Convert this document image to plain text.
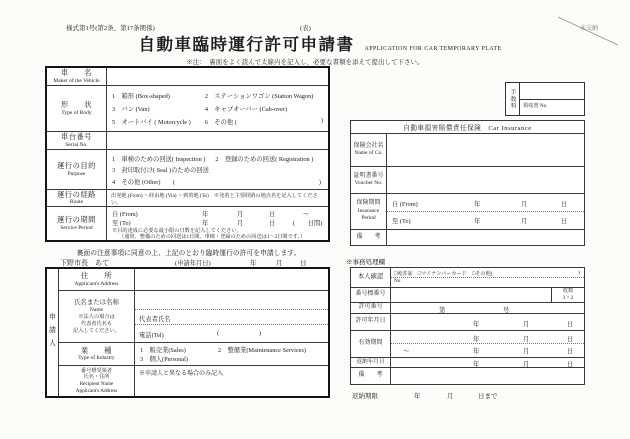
様式第1号(第2条、第17条関係)	(表)
自動車臨時運行許可申請書 APPLICATION FOR CAR TEMPORARY PLATE
※注：　裏面をよく読んで太線内を記入し、必要な書類を添えて提出して下さい。
未交納
手数料	領収書 No.
車　　名
Maker of the Vehicle
形　　状
Type of Body
1　箱形 (Box-shaped)	2　ステーションワゴン (Station Wagon)
3　バン (Van)	4　キャブオーバー (Cab-over)
5　オートバイ ( Motorcycle )	6　その他 (	)
車台番号
Serial No.
運行の目的
Purpose
1　車検のための回送( Inspection )	2　登録のための回送( Registration )
3　封印取付け( Seal )のための回送
4　その他 (Other)　　(	)
運行の経路
Route
出発地 (From) ～経由地 (Via) ～到着地 (To)　※発着と主要経路の地点名を記入してください。
運行の期間
Service Period
自 (From)	年	月	日	～
至 (To)	年	月	日	(　　日間)
※目的達成に必要な最小限の日数を記入してください。
（通常、整備のための回送は1日間、車検・登録のための回送は1～2日間です。）
自動車損害賠償責任保険　Car Insurance
保険会社名
Name of Co.
証明書番号
Voucher No.
保険期間
Insurance
Period
自 (From)	年	月	日
至 (To)	年	月	日
備　　考
裏面の注意事項に同意の上、上記のとおり臨時運行の許可を申請します。
下野市長　あて	(申請年月日)	年	月	日	※事務処理欄
申請人
住　　所
Applicant's Address
氏名または名称
Name
※法人の場合は
代表者氏名も
記入してください。
代表者氏名
電話(Tel)	(	)
業　　種
Type of Industry
1　販売業(Sales)	2　整備業(Maintenance Services)
3　個人(Personal)
番号標受領者
氏名・住所
Recipient Name
Applicant's Address
※申請人と異なる場合のみ記入
本人確認 □免許証　□マイナンバーカード　□その他(	)
No.
番号標番号
枚数
1・2
許可番号	第	号
許可年月日	年	月	日
有効期間
年	月	日
～	年	月	日
返納年月日	年	月	日
備　　考
返納期限	年	月	日まで
